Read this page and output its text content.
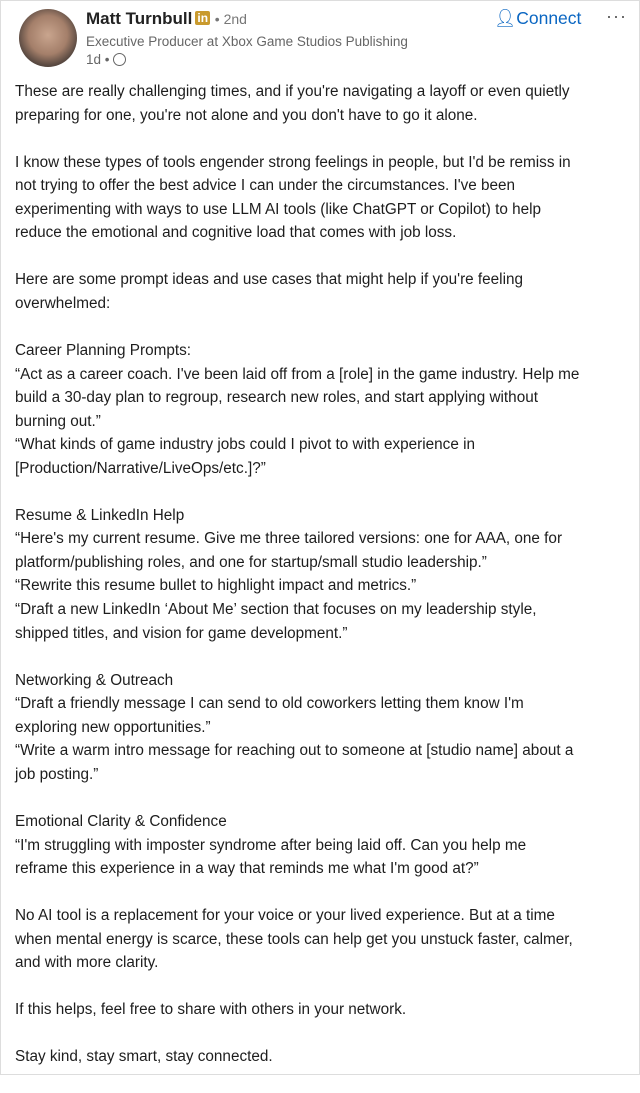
Matt Turnbull in • 2nd
Executive Producer at Xbox Game Studios Publishing
1d •
👤︎Connect ···
These are really challenging times, and if you're navigating a layoff or even quietly
preparing for one, you're not alone and you don't have to go it alone.
I know these types of tools engender strong feelings in people, but I'd be remiss in
not trying to offer the best advice I can under the circumstances. I've been
experimenting with ways to use LLM AI tools (like ChatGPT or Copilot) to help
reduce the emotional and cognitive load that comes with job loss.
Here are some prompt ideas and use cases that might help if you're feeling
overwhelmed:
Career Planning Prompts:
“Act as a career coach. I've been laid off from a [role] in the game industry. Help me
build a 30-day plan to regroup, research new roles, and start applying without
burning out.”
“What kinds of game industry jobs could I pivot to with experience in
[Production/Narrative/LiveOps/etc.]?”
Resume & LinkedIn Help
“Here's my current resume. Give me three tailored versions: one for AAA, one for
platform/publishing roles, and one for startup/small studio leadership.”
“Rewrite this resume bullet to highlight impact and metrics.”
“Draft a new LinkedIn ‘About Me’ section that focuses on my leadership style,
shipped titles, and vision for game development.”
Networking & Outreach
“Draft a friendly message I can send to old coworkers letting them know I'm
exploring new opportunities.”
“Write a warm intro message for reaching out to someone at [studio name] about a
job posting.”
Emotional Clarity & Confidence
“I'm struggling with imposter syndrome after being laid off. Can you help me
reframe this experience in a way that reminds me what I'm good at?”
No AI tool is a replacement for your voice or your lived experience. But at a time
when mental energy is scarce, these tools can help get you unstuck faster, calmer,
and with more clarity.
If this helps, feel free to share with others in your network.
Stay kind, stay smart, stay connected.
